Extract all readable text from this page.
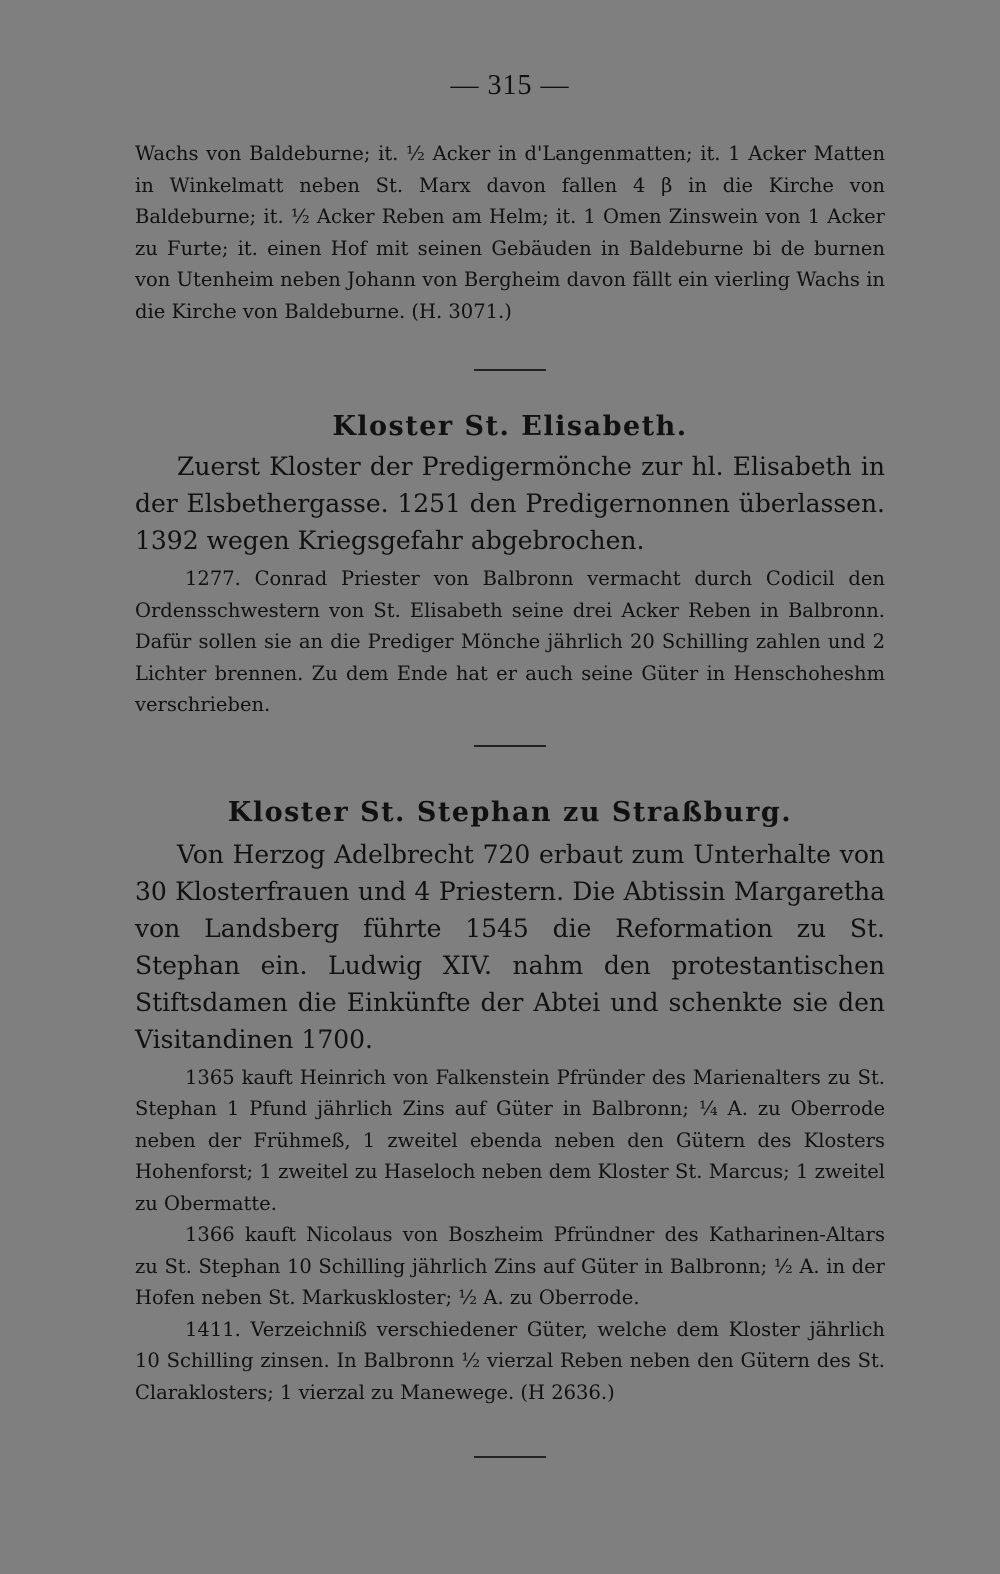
— 315 —

Wachs von Baldeburne; it. ½ Acker in d'Langenmatten; it. 1 Acker Matten in Winkelmatt neben St. Marx davon fallen 4 β in die Kirche von Baldeburne; it. ½ Acker Reben am Helm; it. 1 Omen Zinswein von 1 Acker zu Furte; it. einen Hof mit seinen Gebäuden in Baldeburne bi de burnen von Utenheim neben Johann von Bergheim davon fällt ein vierling Wachs in die Kirche von Baldeburne. (H. 3071.)

Kloster St. Elisabeth.

Zuerst Kloster der Predigermönche zur hl. Elisabeth in der Elsbethergasse. 1251 den Predigernonnen überlassen. 1392 wegen Kriegsgefahr abgebrochen.

1277. Conrad Priester von Balbronn vermacht durch Codicil den Ordensschwestern von St. Elisabeth seine drei Acker Reben in Balbronn. Dafür sollen sie an die Prediger Mönche jährlich 20 Schilling zahlen und 2 Lichter brennen. Zu dem Ende hat er auch seine Güter in Henschoheshm verschrieben.

Kloster St. Stephan zu Straßburg.

Von Herzog Adelbrecht 720 erbaut zum Unterhalte von 30 Klosterfrauen und 4 Priestern. Die Abtissin Margaretha von Landsberg führte 1545 die Reformation zu St. Stephan ein. Ludwig XIV. nahm den protestantischen Stiftsdamen die Einkünfte der Abtei und schenkte sie den Visitandinen 1700.

1365 kauft Heinrich von Falkenstein Pfründer des Marienalters zu St. Stephan 1 Pfund jährlich Zins auf Güter in Balbronn; ¼ A. zu Oberrode neben der Frühmeß, 1 zweitel ebenda neben den Gütern des Klosters Hohenforst; 1 zweitel zu Haseloch neben dem Kloster St. Marcus; 1 zweitel zu Obermatte.

1366 kauft Nicolaus von Boszheim Pfründner des Katharinen-Altars zu St. Stephan 10 Schilling jährlich Zins auf Güter in Balbronn; ½ A. in der Hofen neben St. Markuskloster; ½ A. zu Oberrode.

1411. Verzeichniß verschiedener Güter, welche dem Kloster jährlich 10 Schilling zinsen. In Balbronn ½ vierzal Reben neben den Gütern des St. Claraklosters; 1 vierzal zu Manewege. (H 2636.)
